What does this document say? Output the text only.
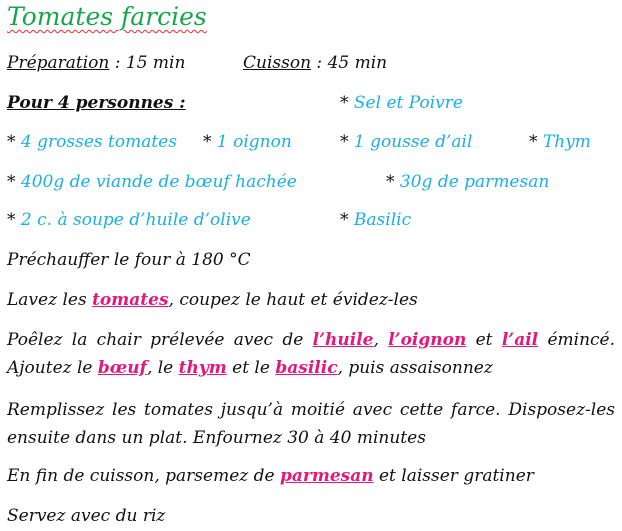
Tomates farcies
Préparation : 15 min	Cuisson : 45 min
Pour 4 personnes :	* Sel et Poivre
* 4 grosses tomates * 1 oignon	* 1 gousse d’ail	* Thym
* 400g de viande de bœuf hachée	* 30g de parmesan
* 2 c. à soupe d’huile d’olive	* Basilic
Préchauffer le four à 180 °C
Lavez les tomates, coupez le haut et évidez-les
Poêlez la chair prélevée avec de l’huile, l’oignon et l’ail émincé. Ajoutez le bœuf, le thym et le basilic, puis assaisonnez
Remplissez les tomates jusqu’à moitié avec cette farce. Disposez-les ensuite dans un plat. Enfournez 30 à 40 minutes
En fin de cuisson, parsemez de parmesan et laisser gratiner
Servez avec du riz
